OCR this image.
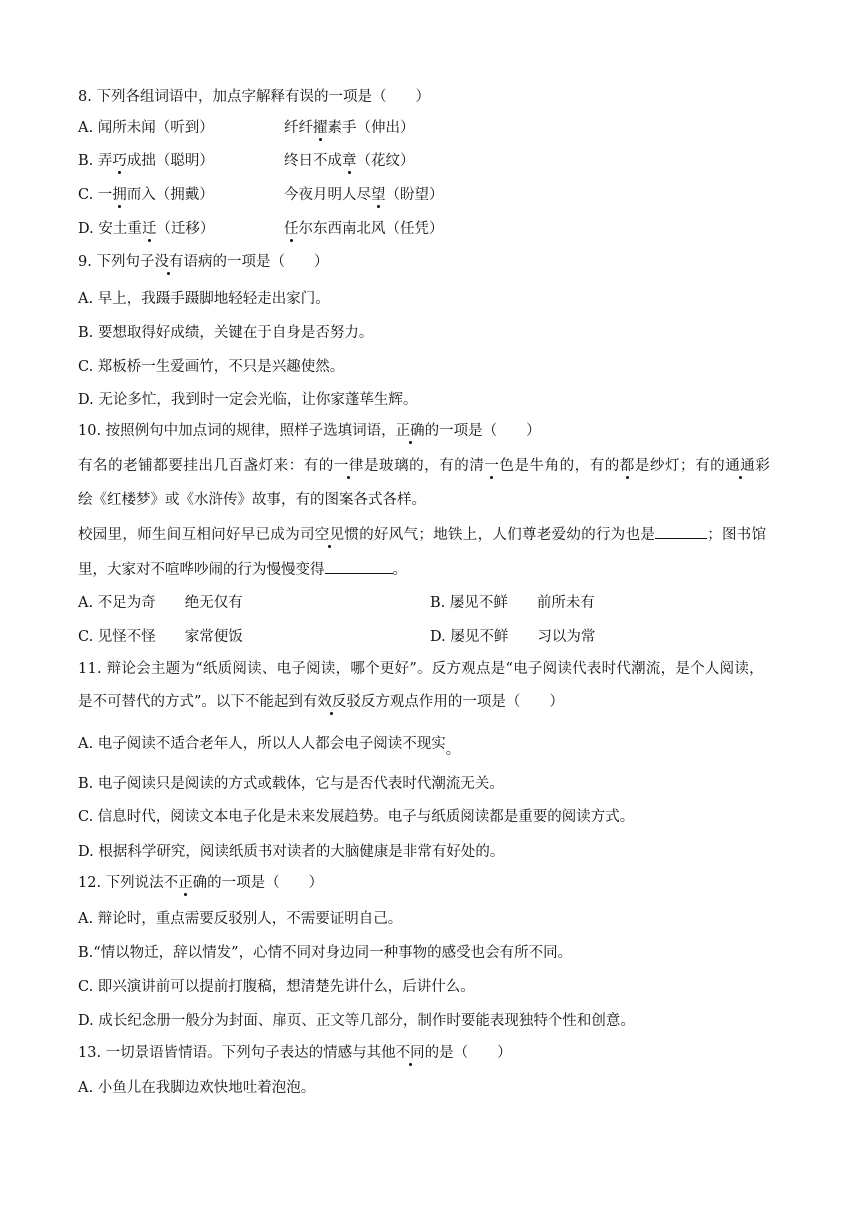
8. 下列各组词语中，加点字解释有误的一项是（　　）
A. 闻所未闻（听到）	纤纤擢素手（伸出）
B. 弄巧成拙（聪明）	终日不成章（花纹）
C. 一拥而入（拥戴）	今夜月明人尽望（盼望）
D. 安土重迁（迁移）	任尔东西南北风（任凭）
9. 下列句子没有语病的一项是（　　）
A. 早上，我蹑手蹑脚地轻轻走出家门。
B. 要想取得好成绩，关键在于自身是否努力。
C. 郑板桥一生爱画竹，不只是兴趣使然。
D. 无论多忙，我到时一定会光临，让你家蓬荜生辉。
10. 按照例句中加点词的规律，照样子选填词语，正确的一项是（　　）
有名的老铺都要挂出几百盏灯来：有的一律是玻璃的，有的清一色是牛角的，有的都是纱灯；有的通通彩
绘《红楼梦》或《水浒传》故事，有的图案各式各样。
校园里，师生间互相问好早已成为司空见惯的好风气；地铁上，人们尊老爱幼的行为也是	；图书馆
里，大家对不喧哗吵闹的行为慢慢变得	。
A. 不足为奇　　绝无仅有	B. 屡见不鲜　　前所未有
C. 见怪不怪　　家常便饭	D. 屡见不鲜　　习以为常
11. 辩论会主题为“纸质阅读、电子阅读，哪个更好”。反方观点是“电子阅读代表时代潮流，是个人阅读，
是不可替代的方式”。以下不能起到有效反驳反方观点作用的一项是（　　）
A. 电子阅读不适合老年人，所以人人都会电子阅读不现实。
B. 电子阅读只是阅读的方式或载体，它与是否代表时代潮流无关。
C. 信息时代，阅读文本电子化是未来发展趋势。电子与纸质阅读都是重要的阅读方式。
D. 根据科学研究，阅读纸质书对读者的大脑健康是非常有好处的。
12. 下列说法不正确的一项是（　　）
A. 辩论时，重点需要反驳别人，不需要证明自己。
B.“情以物迁，辞以情发”，心情不同对身边同一种事物的感受也会有所不同。
C. 即兴演讲前可以提前打腹稿，想清楚先讲什么，后讲什么。
D. 成长纪念册一般分为封面、扉页、正文等几部分，制作时要能表现独特个性和创意。
13. 一切景语皆情语。下列句子表达的情感与其他不同的是（　　）
A. 小鱼儿在我脚边欢快地吐着泡泡。
